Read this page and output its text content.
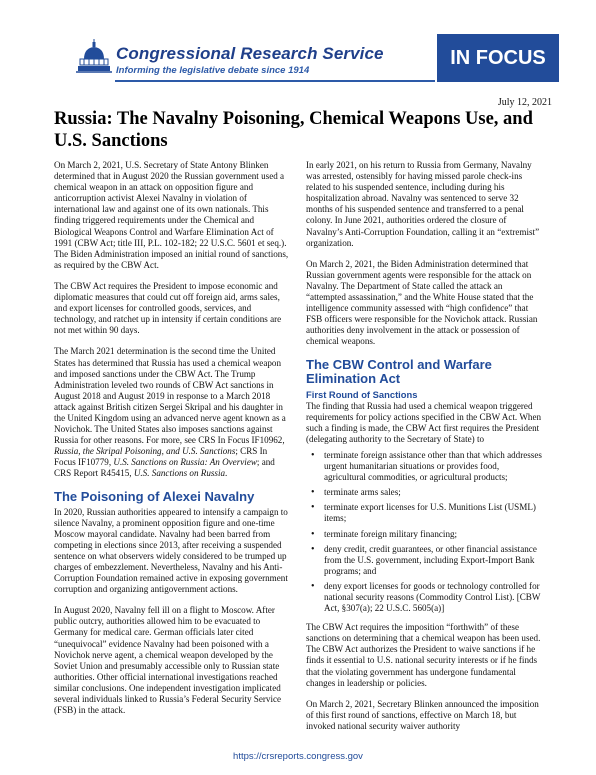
Congressional Research Service
Informing the legislative debate since 1914
IN FOCUS
July 12, 2021
Russia: The Navalny Poisoning, Chemical Weapons Use, and U.S. Sanctions

On March 2, 2021, U.S. Secretary of State Antony Blinken determined that in August 2020 the Russian government used a chemical weapon in an attack on opposition figure and anticorruption activist Alexei Navalny in violation of international law and against one of its own nationals. This finding triggered requirements under the Chemical and Biological Weapons Control and Warfare Elimination Act of 1991 (CBW Act; title III, P.L. 102-182; 22 U.S.C. 5601 et seq.). The Biden Administration imposed an initial round of sanctions, as required by the CBW Act.

The CBW Act requires the President to impose economic and diplomatic measures that could cut off foreign aid, arms sales, and export licenses for controlled goods, services, and technology, and ratchet up in intensity if certain conditions are not met within 90 days.

The March 2021 determination is the second time the United States has determined that Russia has used a chemical weapon and imposed sanctions under the CBW Act. The Trump Administration leveled two rounds of CBW Act sanctions in August 2018 and August 2019 in response to a March 2018 attack against British citizen Sergei Skripal and his daughter in the United Kingdom using an advanced nerve agent known as a Novichok. The United States also imposes sanctions against Russia for other reasons. For more, see CRS In Focus IF10962, Russia, the Skripal Poisoning, and U.S. Sanctions; CRS In Focus IF10779, U.S. Sanctions on Russia: An Overview; and CRS Report R45415, U.S. Sanctions on Russia.

The Poisoning of Alexei Navalny

In 2020, Russian authorities appeared to intensify a campaign to silence Navalny, a prominent opposition figure and one-time Moscow mayoral candidate. Navalny had been barred from competing in elections since 2013, after receiving a suspended sentence on what observers widely considered to be trumped up charges of embezzlement. Nevertheless, Navalny and his Anti-Corruption Foundation remained active in exposing government corruption and organizing antigovernment actions.

In August 2020, Navalny fell ill on a flight to Moscow. After public outcry, authorities allowed him to be evacuated to Germany for medical care. German officials later cited “unequivocal” evidence Navalny had been poisoned with a Novichok nerve agent, a chemical weapon developed by the Soviet Union and presumably accessible only to Russian state authorities. Other official international investigations reached similar conclusions. One independent investigation implicated several individuals linked to Russia’s Federal Security Service (FSB) in the attack.

In early 2021, on his return to Russia from Germany, Navalny was arrested, ostensibly for having missed parole check-ins related to his suspended sentence, including during his hospitalization abroad. Navalny was sentenced to serve 32 months of his suspended sentence and transferred to a penal colony. In June 2021, authorities ordered the closure of Navalny’s Anti-Corruption Foundation, calling it an “extremist” organization.

On March 2, 2021, the Biden Administration determined that Russian government agents were responsible for the attack on Navalny. The Department of State called the attack an “attempted assassination,” and the White House stated that the intelligence community assessed with “high confidence” that FSB officers were responsible for the Novichok attack. Russian authorities deny involvement in the attack or possession of chemical weapons.

The CBW Control and Warfare Elimination Act
First Round of Sanctions

The finding that Russia had used a chemical weapon triggered requirements for policy actions specified in the CBW Act. When such a finding is made, the CBW Act first requires the President (delegating authority to the Secretary of State) to

• terminate foreign assistance other than that which addresses urgent humanitarian situations or provides food, agricultural commodities, or agricultural products;
• terminate arms sales;
• terminate export licenses for U.S. Munitions List (USML) items;
• terminate foreign military financing;
• deny credit, credit guarantees, or other financial assistance from the U.S. government, including Export-Import Bank programs; and
• deny export licenses for goods or technology controlled for national security reasons (Commodity Control List). [CBW Act, §307(a); 22 U.S.C. 5605(a)]

The CBW Act requires the imposition “forthwith” of these sanctions on determining that a chemical weapon has been used. The CBW Act authorizes the President to waive sanctions if he finds it essential to U.S. national security interests or if he finds that the violating government has undergone fundamental changes in leadership or policies.

On March 2, 2021, Secretary Blinken announced the imposition of this first round of sanctions, effective on March 18, but invoked national security waiver authority

https://crsreports.congress.gov
